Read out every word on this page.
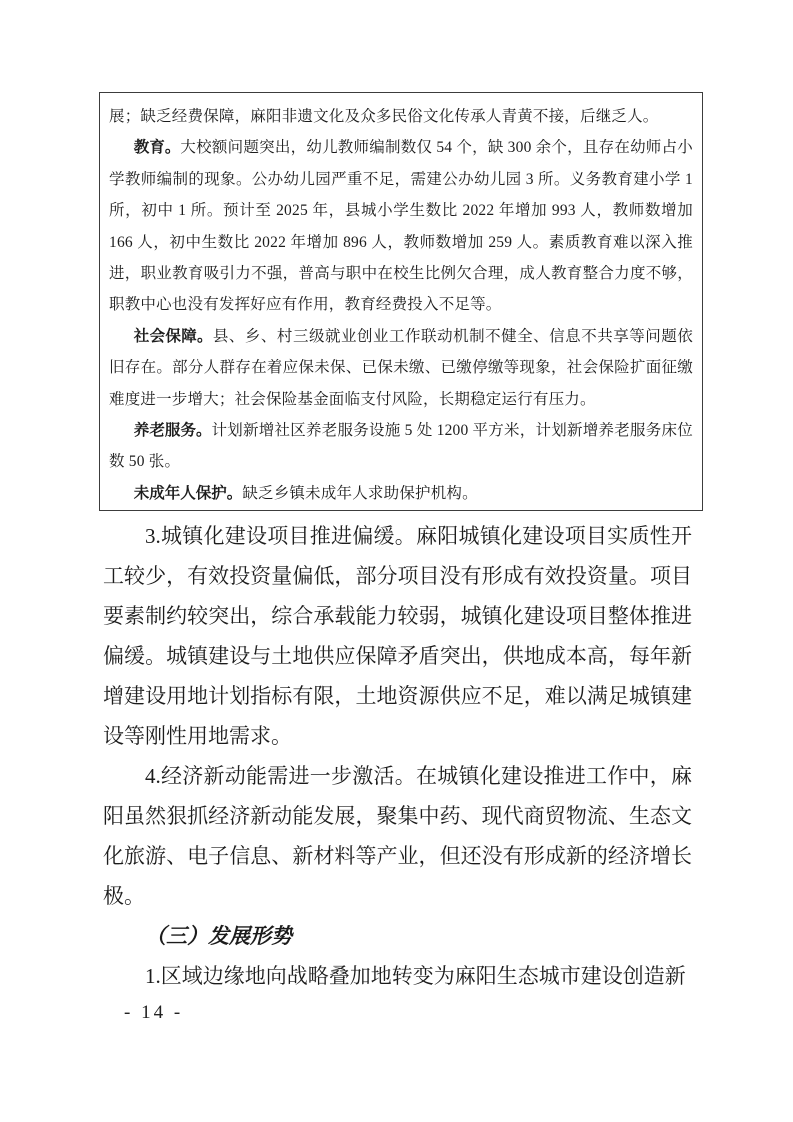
展；缺乏经费保障，麻阳非遗文化及众多民俗文化传承人青黄不接，后继乏人。

教育。大校额问题突出，幼儿教师编制数仅 54 个，缺 300 余个，且存在幼师占小学教师编制的现象。公办幼儿园严重不足，需建公办幼儿园 3 所。义务教育建小学 1 所，初中 1 所。预计至 2025 年，县城小学生数比 2022 年增加 993 人，教师数增加 166 人，初中生数比 2022 年增加 896 人，教师数增加 259 人。素质教育难以深入推进，职业教育吸引力不强，普高与职中在校生比例欠合理，成人教育整合力度不够，职教中心也没有发挥好应有作用，教育经费投入不足等。

社会保障。县、乡、村三级就业创业工作联动机制不健全、信息不共享等问题依旧存在。部分人群存在着应保未保、已保未缴、已缴停缴等现象，社会保险扩面征缴难度进一步增大；社会保险基金面临支付风险，长期稳定运行有压力。

养老服务。计划新增社区养老服务设施 5 处 1200 平方米，计划新增养老服务床位数 50 张。

未成年人保护。缺乏乡镇未成年人求助保护机构。

3.城镇化建设项目推进偏缓。麻阳城镇化建设项目实质性开工较少，有效投资量偏低，部分项目没有形成有效投资量。项目要素制约较突出，综合承载能力较弱，城镇化建设项目整体推进偏缓。城镇建设与土地供应保障矛盾突出，供地成本高，每年新增建设用地计划指标有限，土地资源供应不足，难以满足城镇建设等刚性用地需求。

4.经济新动能需进一步激活。在城镇化建设推进工作中，麻阳虽然狠抓经济新动能发展，聚集中药、现代商贸物流、生态文化旅游、电子信息、新材料等产业，但还没有形成新的经济增长极。

（三）发展形势

1.区域边缘地向战略叠加地转变为麻阳生态城市建设创造新

- 14 -
